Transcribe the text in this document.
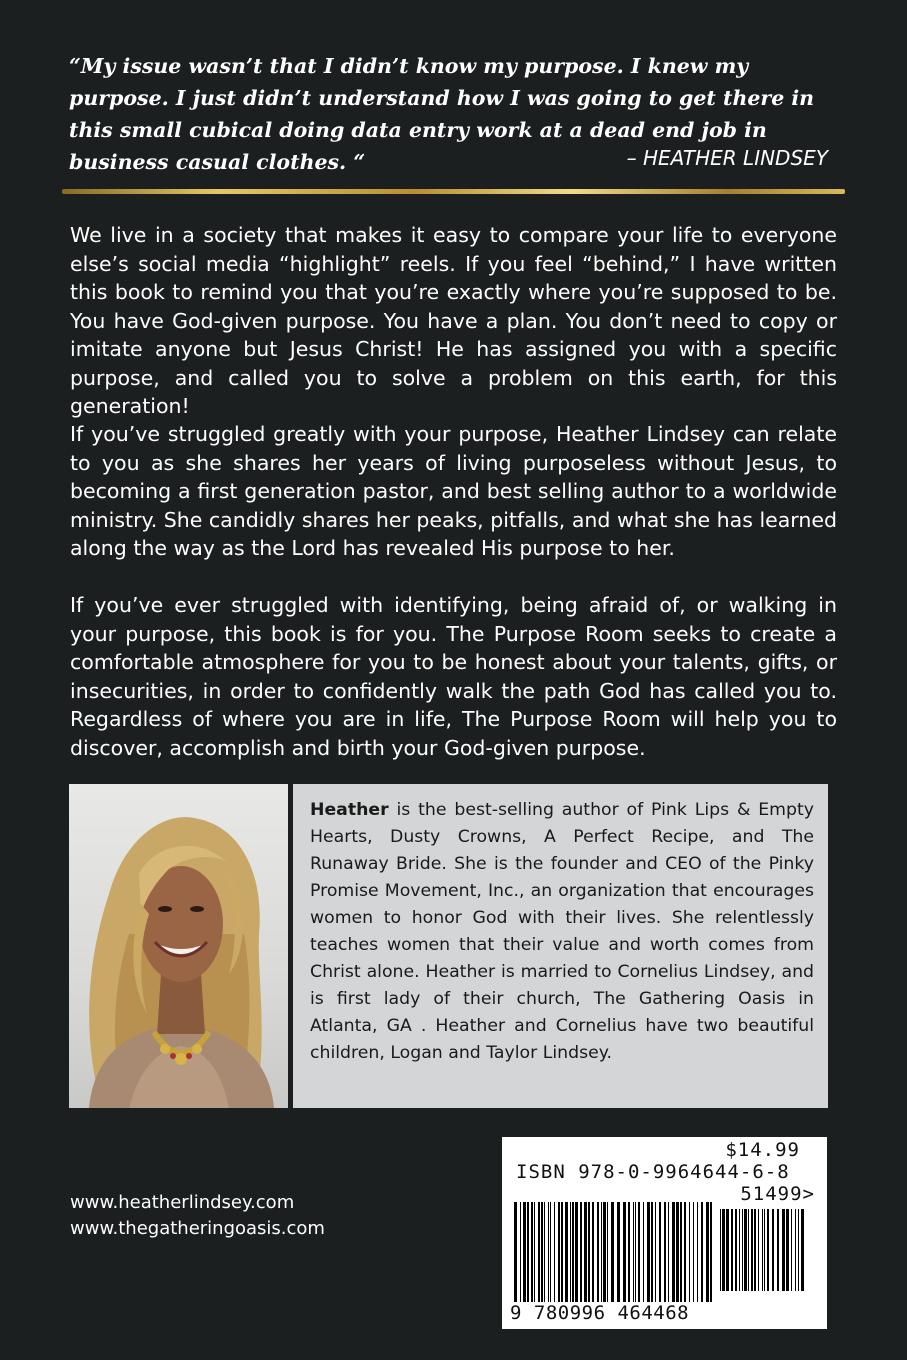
“My issue wasn’t that I didn’t know my purpose. I knew my purpose. I just didn’t understand how I was going to get there in this small cubical doing data entry work at a dead end job in business casual clothes. “	– HEATHER LINDSEY

We live in a society that makes it easy to compare your life to everyone else’s social media “highlight” reels. If you feel “behind,” I have written this book to remind you that you’re exactly where you’re supposed to be. You have God-given purpose. You have a plan. You don’t need to copy or imitate anyone but Jesus Christ! He has assigned you with a specific purpose, and called you to solve a problem on this earth, for this generation!

If you’ve struggled greatly with your purpose, Heather Lindsey can relate to you as she shares her years of living purposeless without Jesus, to becoming a first generation pastor, and best selling author to a worldwide ministry. She candidly shares her peaks, pitfalls, and what she has learned along the way as the Lord has revealed His purpose to her.

If you’ve ever struggled with identifying, being afraid of, or walking in your purpose, this book is for you. The Purpose Room seeks to create a comfortable atmosphere for you to be honest about your talents, gifts, or insecurities, in order to confidently walk the path God has called you to. Regardless of where you are in life, The Purpose Room will help you to discover, accomplish and birth your God-given purpose.

Heather is the best-selling author of Pink Lips & Empty Hearts, Dusty Crowns, A Perfect Recipe, and The Runaway Bride. She is the founder and CEO of the Pinky Promise Movement, Inc., an organization that encourages women to honor God with their lives. She relentlessly teaches women that their value and worth comes from Christ alone. Heather is married to Cornelius Lindsey, and is first lady of their church, The Gathering Oasis in Atlanta, GA . Heather and Cornelius have two beautiful children, Logan and Taylor Lindsey.

www.heatherlindsey.com
www.thegatheringoasis.com
$14.99
ISBN 978-0-9964644-6-8
51499>
9 780996 464468
